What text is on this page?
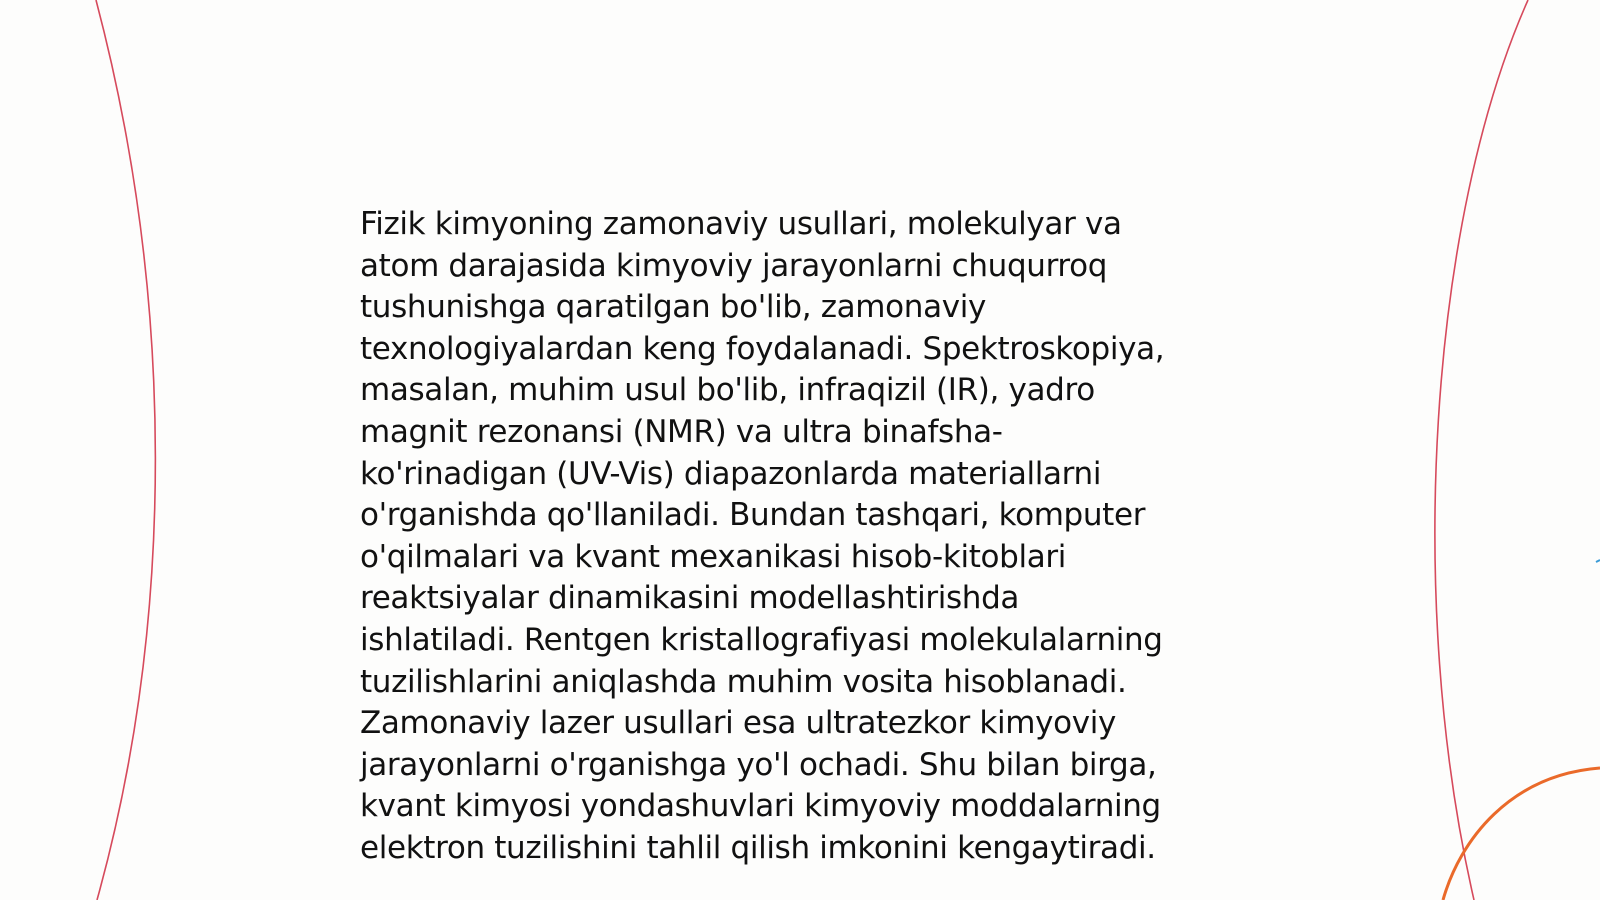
Fizik kimyoning zamonaviy usullari, molekulyar va
atom darajasida kimyoviy jarayonlarni chuqurroq
tushunishga qaratilgan bo'lib, zamonaviy
texnologiyalardan keng foydalanadi. Spektroskopiya,
masalan, muhim usul bo'lib, infraqizil (IR), yadro
magnit rezonansi (NMR) va ultra binafsha-
ko'rinadigan (UV-Vis) diapazonlarda materiallarni
o'rganishda qo'llaniladi. Bundan tashqari, komputer
o'qilmalari va kvant mexanikasi hisob-kitoblari
reaktsiyalar dinamikasini modellashtirishda
ishlatiladi. Rentgen kristallografiyasi molekulalarning
tuzilishlarini aniqlashda muhim vosita hisoblanadi.
Zamonaviy lazer usullari esa ultratezkor kimyoviy
jarayonlarni o'rganishga yo'l ochadi. Shu bilan birga,
kvant kimyosi yondashuvlari kimyoviy moddalarning
elektron tuzilishini tahlil qilish imkonini kengaytiradi.
